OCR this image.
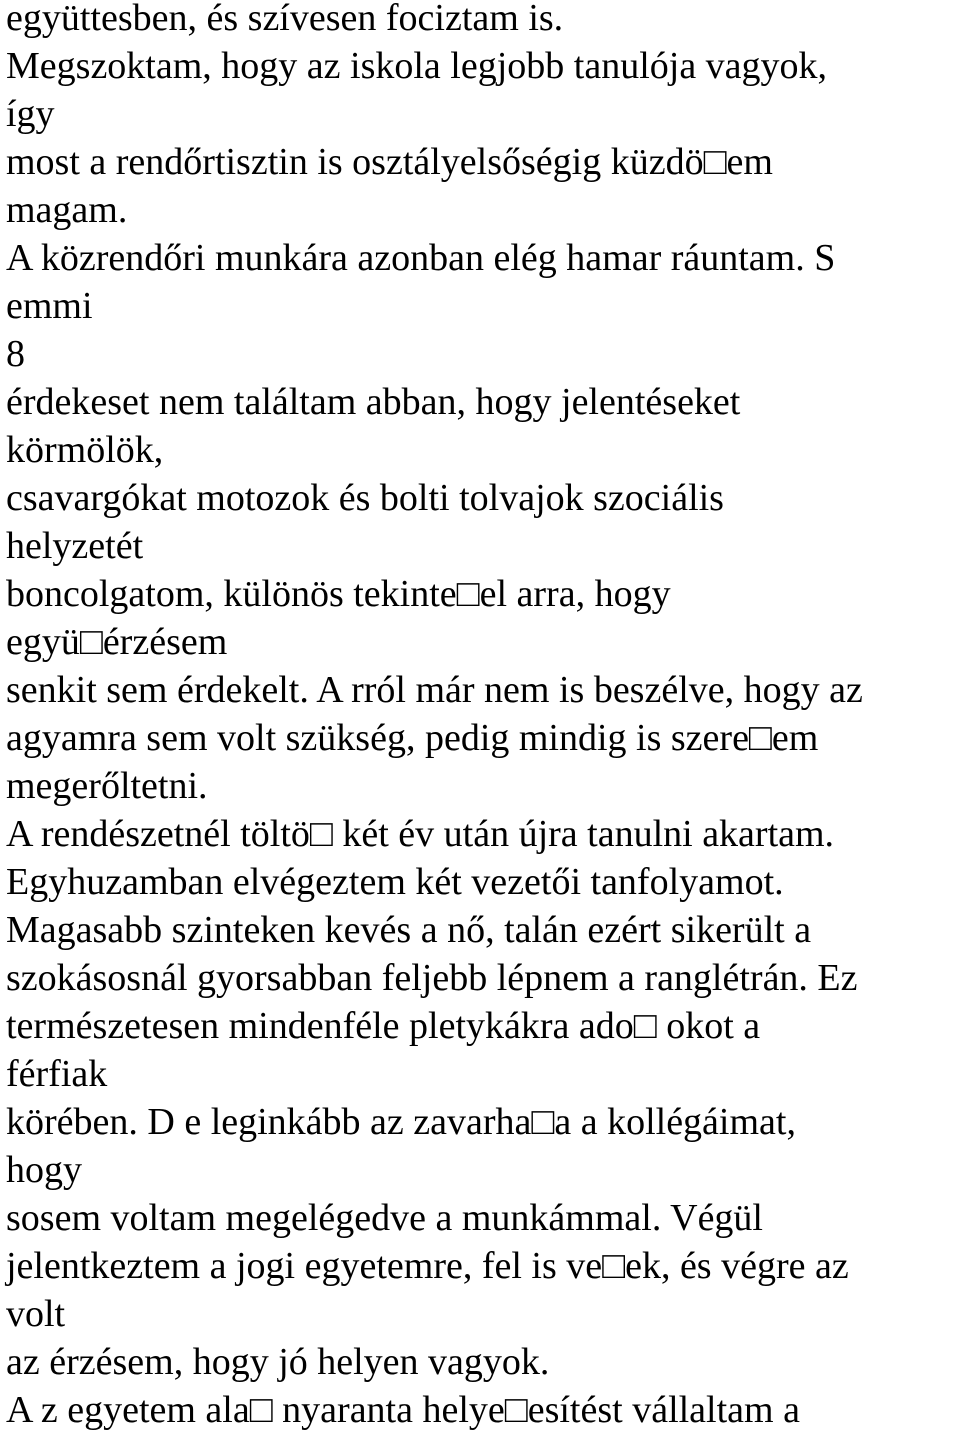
együttesben, és szívesen fociztam is.

Megszoktam, hogy az iskola legjobb tanulója vagyok,

így

most a rendőrtisztin is osztályelsőségig küzdö□em

magam.

A közrendőri munkára azonban elég hamar ráuntam. S

emmi

8

érdekeset nem találtam abban, hogy jelentéseket

körmölök,

csavargókat motozok és bolti tolvajok szociális

helyzetét

boncolgatom, különös tekinte□el arra, hogy

együ□érzésem

senkit sem érdekelt. A rról már nem is beszélve, hogy az

agyamra sem volt szükség, pedig mindig is szere□em

megerőltetni.

A rendészetnél töltö□ két év után újra tanulni akartam.

Egyhuzamban elvégeztem két vezetői tanfolyamot.

Magasabb szinteken kevés a nő, talán ezért sikerült a

szokásosnál gyorsabban feljebb lépnem a ranglétrán. Ez

természetesen mindenféle pletykákra ado□ okot a

férfiak

körében. D e leginkább az zavarha□a a kollégáimat,

hogy

sosem voltam megelégedve a munkámmal. Végül

jelentkeztem a jogi egyetemre, fel is ve□ek, és végre az

volt

az érzésem, hogy jó helyen vagyok.

A z egyetem ala□ nyaranta helye□esítést vállaltam a
